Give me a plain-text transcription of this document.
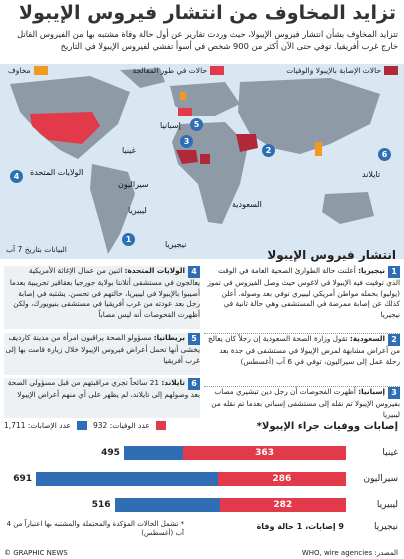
تزايد المخاوف من انتشار فيروس الإيبولا
تتزايد المخاوف بشأن انتشار فيروس الإيبولا، حيث وردت تقارير عن أول حالة وفاة مشتبه بها من الفيروس القاتل خارج غرب أفريقيا. توفي حتى الآن أكثر من 900 شخص في أسوأ تفشي لفيروس الإيبولا في التاريخ
حالات الإصابة بالإيبولا والوفيات
حالات في طور المعالجة
مخاوف
الولايات المتحدة
إسبانيا
غينيا
سيراليون
ليبيريا
نيجيريا
السعودية
تايلاند
5
3
4
2	6
1
البيانات بتاريخ 7 آب	انتشار فيروس الإيبولا
1نيجيريا: أعلنت حالة الطوارئ الصحية العامة في الوقت الذي توفيت فيه الإيبولا في لاغوس حيث وصل الفيروس في تموز (يوليو) بحمله مواطن أمريكي ليبيري توفي بعد وصوله. أعلن كذلك عن إصابة ممرضة في المستشفى وهي حالة ثانية في نيجيريا
2السعودية: تقول وزارة الصحة السعودية إن رجلاً كان يعالج من أعراض مشابهة لمرض الإيبولا في مستشفى في جدة بعد رحلة عمل إلى سيراليون، توفي في 6 آب (أغسطس)
3إسبانيا: أظهرت الفحوصات أن رجل دين تبشيري مصاب بفيروس الإيبولا تم نقله إلى مستشفى إسباني بعدما تم نقله من ليبيريا
4الولايات المتحدة: اثنين من عمال الإغاثة الأمريكية يعالجون في مستشفى أتلانتا بولاية جورجيا بعقاقير تجريبية بعدما أصيبوا بالإيبولا في ليبيريا، حالتهم في تحسن. يشتبه في إصابة رجل بعد عودته من غرب أفريقيا في مستشفى بنيويورك، ولكن أظهرت الفحوصات أنه ليس مصاباً
5بريطانيا: مسؤولو الصحة يراقبون امرأة من مدينة كارديف يخشى أنها تحمل أعراض فيروس الإيبولا خلال زيارة قامت بها إلى غرب أفريقيا
6تايلاند: 21 سائحاً تجري مراقبتهم من قبل مسؤولي الصحة بعد وصولهم إلى تايلاند، لم يظهر على أي منهم أعراض الإيبولا
إصابات ووفيات جراء الإيبولا*
عدد الوفيات: 932
عدد الإصابات: 1,711
غينيا
363
495
سيراليون
286
691
ليبيريا
282
516
نيجيريا
9 إصابات، 1 حالة وفاة
* تشمل الحالات المؤكدة والمحتملة والمشتبه بها اعتباراً من 4 آب (أغسطس)
© GRAPHIC NEWS	المصدر: WHO, wire agencies
